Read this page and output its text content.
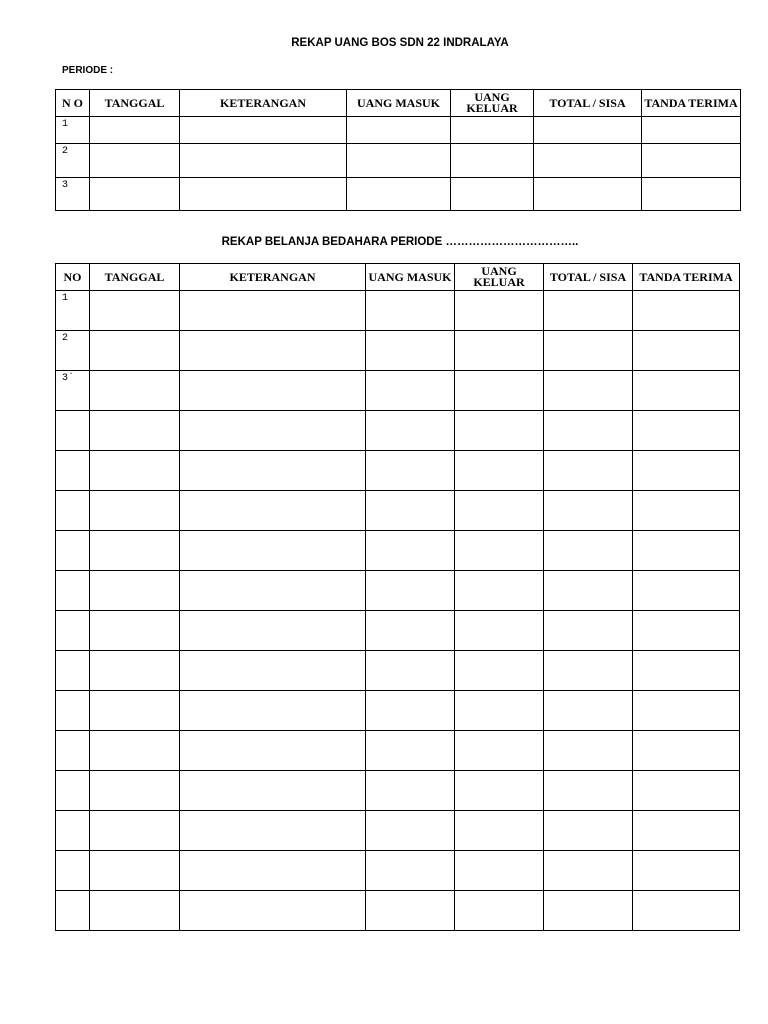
REKAP UANG BOS SDN 22 INDRALAYA
PERIODE :
N O	TANGGAL	KETERANGAN	UANG MASUK	UANG KELUAR	TOTAL / SISA	TANDA TERIMA
1						
2						
3						
REKAP BELANJA BEDAHARA PERIODE ……………………………..
NO	TANGGAL	KETERANGAN	UANG MASUK	UANG KELUAR	TOTAL / SISA	TANDA TERIMA
1						
2						
3`						
